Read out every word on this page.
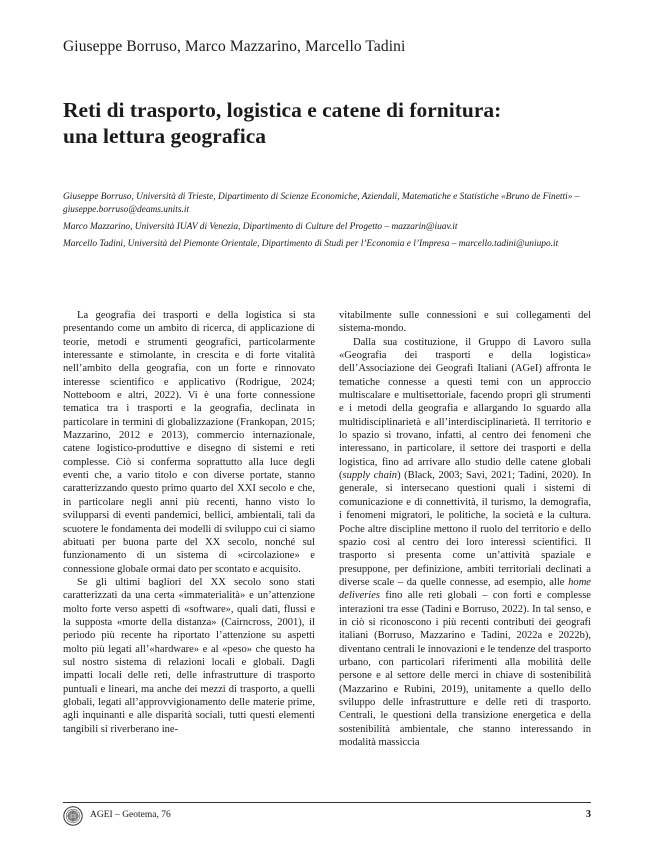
Giuseppe Borruso, Marco Mazzarino, Marcello Tadini
Reti di trasporto, logistica e catene di fornitura:
una lettura geografica

Giuseppe Borruso, Università di Trieste, Dipartimento di Scienze Economiche, Aziendali, Matematiche e Statistiche «Bruno de Finetti» – giuseppe.borruso@deams.units.it

Marco Mazzarino, Università IUAV di Venezia, Dipartimento di Culture del Progetto – mazzarin@iuav.it

Marcello Tadini, Università del Piemonte Orientale, Dipartimento di Studi per l’Economia e l’Impresa – marcello.tadini@uniupo.it

La geografia dei trasporti e della logistica si sta presentando come un ambito di ricerca, di applicazione di teorie, metodi e strumenti geografici, particolarmente interessante e stimolante, in crescita e di forte vitalità nell’ambito della geografia, con un forte e rinnovato interesse scientifico e applicativo (Rodrigue, 2024; Notteboom e altri, 2022). Vi è una forte connessione tematica tra i trasporti e la geografia, declinata in particolare in termini di globalizzazione (Frankopan, 2015; Mazzarino, 2012 e 2013), commercio internazionale, catene logistico-produttive e disegno di sistemi e reti complesse. Ciò si conferma soprattutto alla luce degli eventi che, a vario titolo e con diverse portate, stanno caratterizzando questo primo quarto del XXI secolo e che, in particolare negli anni più recenti, hanno visto lo svilupparsi di eventi pandemici, bellici, ambientali, tali da scuotere le fondamenta dei modelli di sviluppo cui ci siamo abituati per buona parte del XX secolo, nonché sul funzionamento di un sistema di «circolazione» e connessione globale ormai dato per scontato e acquisito.

Se gli ultimi bagliori del XX secolo sono stati caratterizzati da una certa «immaterialità» e un’attenzione molto forte verso aspetti di «software», quali dati, flussi e la supposta «morte della distanza» (Cairncross, 2001), il periodo più recente ha riportato l’attenzione su aspetti molto più legati all’«hardware» e al «peso» che questo ha sul nostro sistema di relazioni locali e globali. Dagli impatti locali delle reti, delle infrastrutture di trasporto puntuali e lineari, ma anche dei mezzi di trasporto, a quelli globali, legati all’approvvigionamento delle materie prime, agli inquinanti e alle disparità sociali, tutti questi elementi tangibili si riverberano ine-

vitabilmente sulle connessioni e sui collegamenti del sistema-mondo.

Dalla sua costituzione, il Gruppo di Lavoro sulla «Geografia dei trasporti e della logistica» dell’Associazione dei Geografi Italiani (AGeI) affronta le tematiche connesse a questi temi con un approccio multiscalare e multisettoriale, facendo propri gli strumenti e i metodi della geografia e allargando lo sguardo alla multidisciplinarietà e all’interdisciplinarietà. Il territorio e lo spazio si trovano, infatti, al centro dei fenomeni che interessano, in particolare, il settore dei trasporti e della logistica, fino ad arrivare allo studio delle catene globali (supply chain) (Black, 2003; Savi, 2021; Tadini, 2020). In generale, si intersecano questioni quali i sistemi di comunicazione e di connettività, il turismo, la demografia, i fenomeni migratori, le politiche, la società e la cultura. Poche altre discipline mettono il ruolo del territorio e dello spazio così al centro dei loro interessi scientifici. Il trasporto si presenta come un’attività spaziale e presuppone, per definizione, ambiti territoriali declinati a diverse scale – da quelle connesse, ad esempio, alle home deliveries fino alle reti globali – con forti e complesse interazioni tra esse (Tadini e Borruso, 2022). In tal senso, e in ciò si riconoscono i più recenti contributi dei geografi italiani (Borruso, Mazzarino e Tadini, 2022a e 2022b), diventano centrali le innovazioni e le tendenze del trasporto urbano, con particolari riferimenti alla mobilità delle persone e al settore delle merci in chiave di sostenibilità (Mazzarino e Rubini, 2019), unitamente a quello dello sviluppo delle infrastrutture e delle reti di trasporto. Centrali, le questioni della transizione energetica e della sostenibilità ambientale, che stanno interessando in modalità massiccia

AGEI – Geotema, 76	3
